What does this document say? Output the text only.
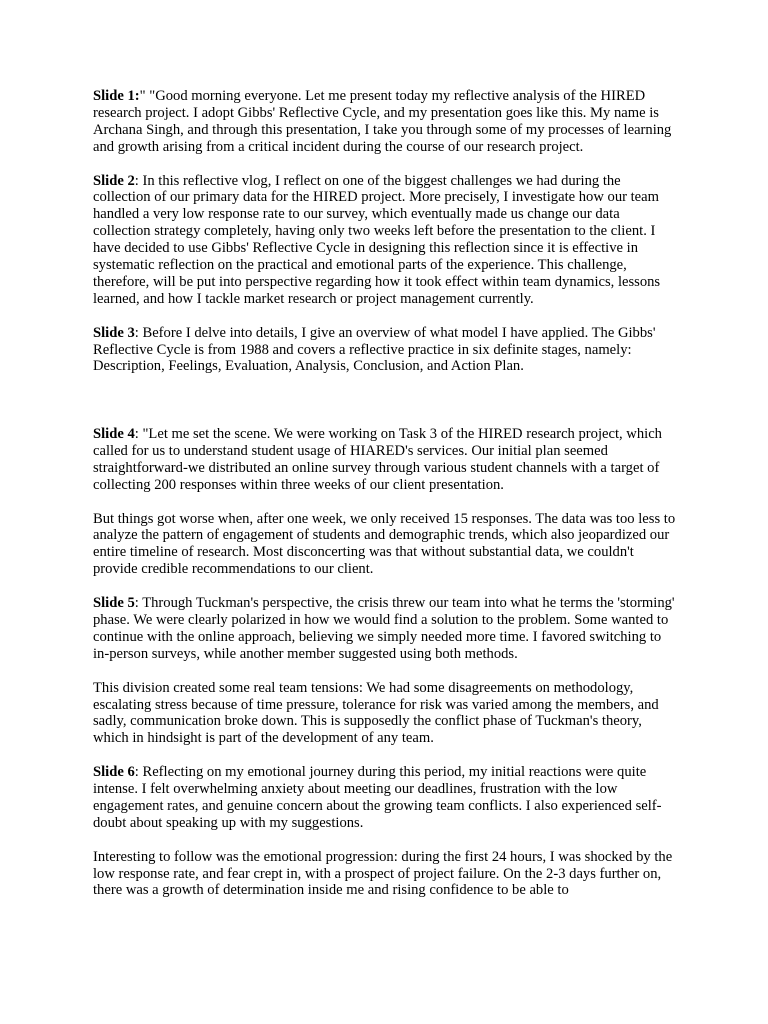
Slide 1:" "Good morning everyone. Let me present today my reflective analysis of the HIRED research project. I adopt Gibbs' Reflective Cycle, and my presentation goes like this. My name is Archana Singh, and through this presentation, I take you through some of my processes of learning and growth arising from a critical incident during the course of our research project.

Slide 2: In this reflective vlog, I reflect on one of the biggest challenges we had during the collection of our primary data for the HIRED project. More precisely, I investigate how our team handled a very low response rate to our survey, which eventually made us change our data collection strategy completely, having only two weeks left before the presentation to the client. I have decided to use Gibbs' Reflective Cycle in designing this reflection since it is effective in systematic reflection on the practical and emotional parts of the experience. This challenge, therefore, will be put into perspective regarding how it took effect within team dynamics, lessons learned, and how I tackle market research or project management currently.

Slide 3: Before I delve into details, I give an overview of what model I have applied. The Gibbs' Reflective Cycle is from 1988 and covers a reflective practice in six definite stages, namely: Description, Feelings, Evaluation, Analysis, Conclusion, and Action Plan.

Slide 4: "Let me set the scene. We were working on Task 3 of the HIRED research project, which called for us to understand student usage of HIARED's services. Our initial plan seemed straightforward-we distributed an online survey through various student channels with a target of collecting 200 responses within three weeks of our client presentation.

But things got worse when, after one week, we only received 15 responses. The data was too less to analyze the pattern of engagement of students and demographic trends, which also jeopardized our entire timeline of research. Most disconcerting was that without substantial data, we couldn't provide credible recommendations to our client.

Slide 5: Through Tuckman's perspective, the crisis threw our team into what he terms the 'storming' phase. We were clearly polarized in how we would find a solution to the problem. Some wanted to continue with the online approach, believing we simply needed more time. I favored switching to in-person surveys, while another member suggested using both methods.

This division created some real team tensions: We had some disagreements on methodology, escalating stress because of time pressure, tolerance for risk was varied among the members, and sadly, communication broke down. This is supposedly the conflict phase of Tuckman's theory, which in hindsight is part of the development of any team.

Slide 6: Reflecting on my emotional journey during this period, my initial reactions were quite intense. I felt overwhelming anxiety about meeting our deadlines, frustration with the low engagement rates, and genuine concern about the growing team conflicts. I also experienced self-doubt about speaking up with my suggestions.

Interesting to follow was the emotional progression: during the first 24 hours, I was shocked by the low response rate, and fear crept in, with a prospect of project failure. On the 2-3 days further on, there was a growth of determination inside me and rising confidence to be able to
